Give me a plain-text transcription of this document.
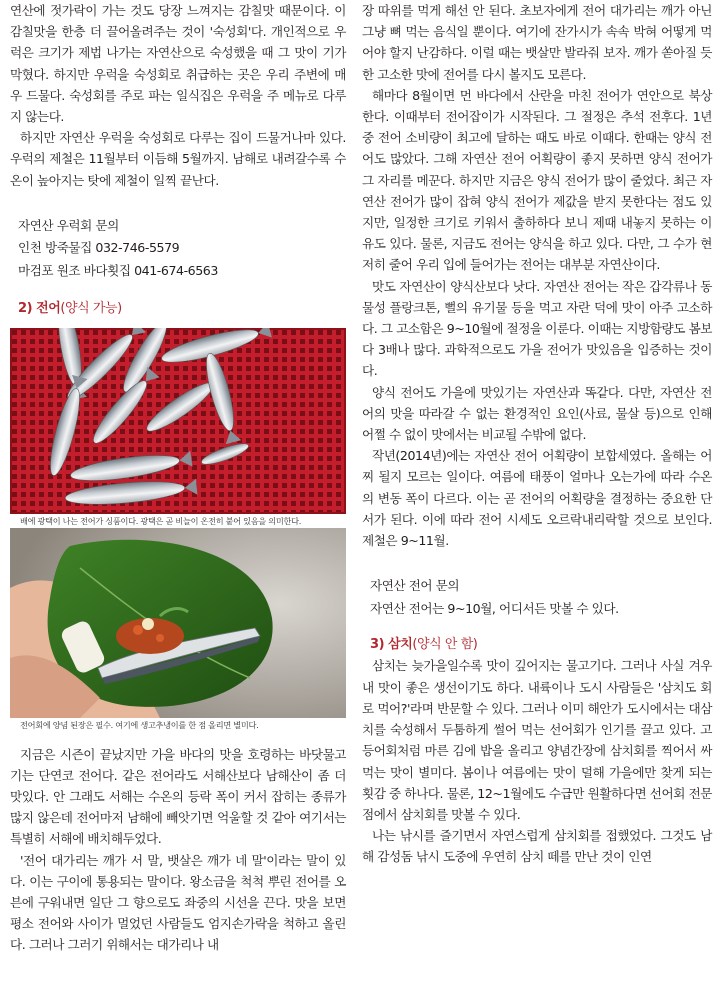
연산에 젓가락이 가는 것도 당장 느껴지는 감칠맛 때문이다. 이 감칠맛을 한층 더 끌어올려주는 것이 '숙성회'다. 개인적으로 우럭은 크기가 제법 나가는 자연산으로 숙성했을 때 그 맛이 기가 막혔다. 하지만 우럭을 숙성회로 취급하는 곳은 우리 주변에 매우 드물다. 숙성회를 주로 파는 일식집은 우럭을 주 메뉴로 다루지 않는다.

하지만 자연산 우럭을 숙성회로 다루는 집이 드물거나마 있다. 우럭의 제철은 11월부터 이듬해 5월까지. 남해로 내려갈수록 수온이 높아지는 탓에 제철이 일찍 끝난다.

자연산 우럭회 문의

인천 방죽물집 032-746-5579

마검포 원조 바다횟집 041-674-6563

2) 전어(양식 가능)

배에 광택이 나는 전어가 싱품이다. 광택은 곧 비늘이 온전히 붙어 있음을 의미한다.
전어회에 양념 된장은 필수. 여기에 생고추냉이를 한 점 올리면 별미다.

지금은 시즌이 끝났지만 가을 바다의 맛을 호령하는 바닷물고기는 단연코 전어다. 같은 전어라도 서해산보다 남해산이 좀 더 맛있다. 안 그래도 서해는 수온의 등락 폭이 커서 잡히는 종류가 많지 않은데 전어마저 남해에 빼앗기면 억울할 것 같아 여기서는 특별히 서해에 배치해두었다.

'전어 대가리는 깨가 서 말, 뱃살은 깨가 네 말'이라는 말이 있다. 이는 구이에 통용되는 말이다. 왕소금을 척척 뿌린 전어를 오븐에 구워내면 일단 그 향으로도 좌중의 시선을 끈다. 맛을 보면 평소 전어와 사이가 멀었던 사람들도 엄지손가락을 척하고 올린다. 그러나 그러기 위해서는 대가리나 내

장 따위를 먹게 해선 안 된다. 초보자에게 전어 대가리는 깨가 아닌 그냥 뼈 먹는 음식일 뿐이다. 여기에 잔가시가 속속 박혀 어떻게 먹어야 할지 난감하다. 이럴 때는 뱃살만 발라줘 보자. 깨가 쏟아질 듯 한 고소한 맛에 전어를 다시 볼지도 모른다.

해마다 8월이면 먼 바다에서 산란을 마친 전어가 연안으로 북상한다. 이때부터 전어잡이가 시작된다. 그 절정은 추석 전후다. 1년 중 전어 소비량이 최고에 달하는 때도 바로 이때다. 한때는 양식 전어도 많았다. 그해 자연산 전어 어획량이 좋지 못하면 양식 전어가 그 자리를 메꾼다. 하지만 지금은 양식 전어가 많이 줄었다. 최근 자연산 전어가 많이 잡혀 양식 전어가 제값을 받지 못한다는 점도 있지만, 일정한 크기로 키워서 출하하다 보니 제때 내놓지 못하는 이유도 있다. 물론, 지금도 전어는 양식을 하고 있다. 다만, 그 수가 현저히 줄어 우리 입에 들어가는 전어는 대부분 자연산이다.

맛도 자연산이 양식산보다 낫다. 자연산 전어는 작은 갑각류나 동물성 플랑크톤, 뻘의 유기물 등을 먹고 자란 덕에 맛이 아주 고소하다. 그 고소함은 9~10월에 절정을 이룬다. 이때는 지방함량도 봄보다 3배나 많다. 과학적으로도 가을 전어가 맛있음을 입증하는 것이다.

양식 전어도 가을에 맛있기는 자연산과 똑같다. 다만, 자연산 전어의 맛을 따라갈 수 없는 환경적인 요인(사료, 물살 등)으로 인해 어쩔 수 없이 맛에서는 비교될 수밖에 없다.

작년(2014년)에는 자연산 전어 어획량이 보합세였다. 올해는 어찌 될지 모르는 일이다. 여름에 태풍이 얼마나 오는가에 따라 수온의 변동 폭이 다르다. 이는 곧 전어의 어획량을 결정하는 중요한 단서가 된다. 이에 따라 전어 시세도 오르락내리락할 것으로 보인다. 제철은 9~11월.

자연산 전어 문의

자연산 전어는 9~10월, 어디서든 맛볼 수 있다.

3) 삼치(양식 안 함)

삼치는 늦가을일수록 맛이 깊어지는 물고기다. 그러나 사실 겨우내 맛이 좋은 생선이기도 하다. 내륙이나 도시 사람들은 '삼치도 회로 먹어?'라며 반문할 수 있다. 그러나 이미 해안가 도시에서는 대삼치를 숙성해서 두툼하게 썰어 먹는 선어회가 인기를 끌고 있다. 고등어회처럼 마른 김에 밥을 올리고 양념간장에 삼치회를 찍어서 싸 먹는 맛이 별미다. 봄이나 여름에는 맛이 덜해 가을에만 찾게 되는 횟감 중 하나다. 물론, 12~1월에도 수급만 원활하다면 선어회 전문점에서 삼치회를 맛볼 수 있다.

나는 낚시를 즐기면서 자연스럽게 삼치회를 접했었다. 그것도 남해 감성돔 낚시 도중에 우연히 삼치 떼를 만난 것이 인연
